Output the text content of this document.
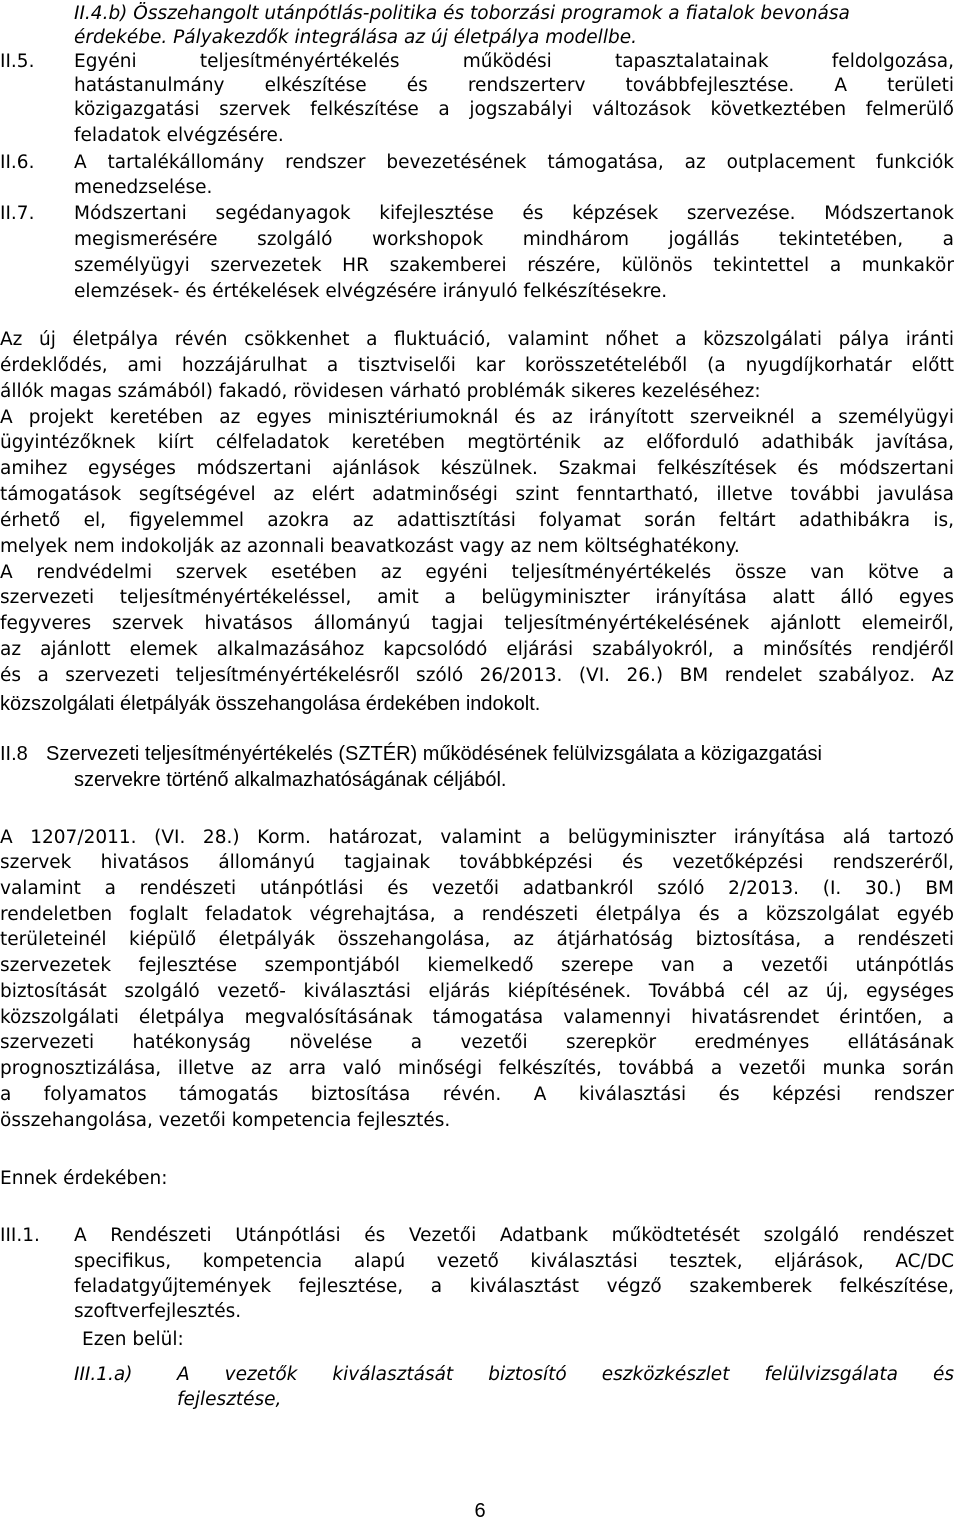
II.4.b) Összehangolt utánpótlás-politika és toborzási programok a fiatalok bevonása
érdekébe. Pályakezdők integrálása az új életpálya modellbe.
II.5. Egyéni teljesítményértékelés működési tapasztalatainak feldolgozása,
hatástanulmány elkészítése és rendszerterv továbbfejlesztése. A területi
közigazgatási szervek felkészítése a jogszabályi változások következtében felmerülő
feladatok elvégzésére.
II.6. A tartalékállomány rendszer bevezetésének támogatása, az outplacement funkciók
menedzselése.
II.7. Módszertani segédanyagok kifejlesztése és képzések szervezése. Módszertanok
megismerésére szolgáló workshopok mindhárom jogállás tekintetében, a
személyügyi szervezetek HR szakemberei részére, különös tekintettel a munkakör
elemzések- és értékelések elvégzésére irányuló felkészítésekre.
Az új életpálya révén csökkenhet a fluktuáció, valamint nőhet a közszolgálati pálya iránti
érdeklődés, ami hozzájárulhat a tisztviselői kar korösszetételéből (a nyugdíjkorhatár előtt
állók magas számából) fakadó, rövidesen várható problémák sikeres kezeléséhez:
A projekt keretében az egyes minisztériumoknál és az irányított szerveiknél a személyügyi
ügyintézőknek kiírt célfeladatok keretében megtörténik az előforduló adathibák javítása,
amihez egységes módszertani ajánlások készülnek. Szakmai felkészítések és módszertani
támogatások segítségével az elért adatminőségi szint fenntartható, illetve további javulása
érhető el, figyelemmel azokra az adattisztítási folyamat során feltárt adathibákra is,
melyek nem indokolják az azonnali beavatkozást vagy az nem költséghatékony.
A rendvédelmi szervek esetében az egyéni teljesítményértékelés össze van kötve a
szervezeti teljesítményértékeléssel, amit a belügyminiszter irányítása alatt álló egyes
fegyveres szervek hivatásos állományú tagjai teljesítményértékelésének ajánlott elemeiről,
az ajánlott elemek alkalmazásához kapcsolódó eljárási szabályokról, a minősítés rendjéről
és a szervezeti teljesítményértékelésről szóló 26/2013. (VI. 26.) BM rendelet szabályoz. Az
közszolgálati életpályák összehangolása érdekében indokolt.
II.8 Szervezeti teljesítményértékelés (SZTÉR) működésének felülvizsgálata a közigazgatási
szervekre történő alkalmazhatóságának céljából.
A 1207/2011. (VI. 28.) Korm. határozat, valamint a belügyminiszter irányítása alá tartozó
szervek hivatásos állományú tagjainak továbbképzési és vezetőképzési rendszeréről,
valamint a rendészeti utánpótlási és vezetői adatbankról szóló 2/2013. (I. 30.) BM
rendeletben foglalt feladatok végrehajtása, a rendészeti életpálya és a közszolgálat egyéb
területeinél kiépülő életpályák összehangolása, az átjárhatóság biztosítása, a rendészeti
szervezetek fejlesztése szempontjából kiemelkedő szerepe van a vezetői utánpótlás
biztosítását szolgáló vezető- kiválasztási eljárás kiépítésének. Továbbá cél az új, egységes
közszolgálati életpálya megvalósításának támogatása valamennyi hivatásrendet érintően, a
szervezeti hatékonyság növelése a vezetői szerepkör eredményes ellátásának
prognosztizálása, illetve az arra való minőségi felkészítés, továbbá a vezetői munka során
a folyamatos támogatás biztosítása révén. A kiválasztási és képzési rendszer
összehangolása, vezetői kompetencia fejlesztés.
Ennek érdekében:
III.1. A Rendészeti Utánpótlási és Vezetői Adatbank működtetését szolgáló rendészet
specifikus, kompetencia alapú vezető kiválasztási tesztek, eljárások, AC/DC
feladatgyűjtemények fejlesztése, a kiválasztást végző szakemberek felkészítése,
szoftverfejlesztés.
Ezen belül:
III.1.a) A vezetők kiválasztását biztosító eszközkészlet felülvizsgálata és
fejlesztése,
6
